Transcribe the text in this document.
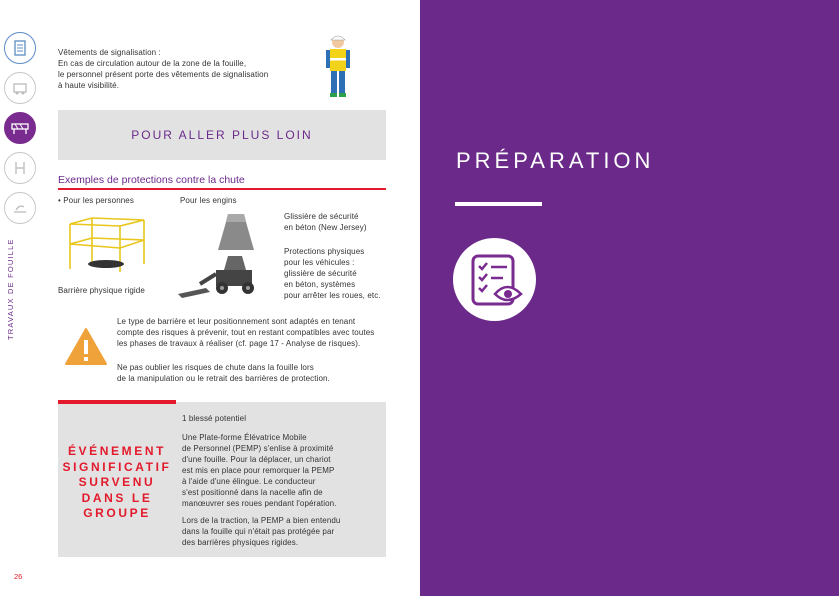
TRAVAUX DE FOUILLE
Vêtements de signalisation :
En cas de circulation autour de la zone de la fouille,
le personnel présent porte des vêtements de signalisation
à haute visibilité.
POUR ALLER PLUS LOIN
Exemples de protections contre la chute
• Pour les personnes	Pour les engins
Barrière physique rigide
Glissière de sécurité
en béton (New Jersey)
Protections physiques
pour les véhicules :
glissière de sécurité
en béton, systèmes
pour arrêter les roues, etc.
Le type de barrière et leur positionnement sont adaptés en tenant
compte des risques à prévenir, tout en restant compatibles avec toutes
les phases de travaux à réaliser (cf. page 17 - Analyse de risques).
Ne pas oublier les risques de chute dans la fouille lors
de la manipulation ou le retrait des barrières de protection.
ÉVÉNEMENT
SIGNIFICATIF
SURVENU
DANS LE
GROUPE
1 blessé potentiel
Une Plate-forme Élévatrice Mobile
de Personnel (PEMP) s'enlise à proximité
d'une fouille. Pour la déplacer, un chariot
est mis en place pour remorquer la PEMP
à l'aide d'une élingue. Le conducteur
s'est positionné dans la nacelle afin de
manœuvrer ses roues pendant l'opération.
Lors de la traction, la PEMP a bien entendu
dans la fouille qui n'était pas protégée par
des barrières physiques rigides.
26
PRÉPARATION
